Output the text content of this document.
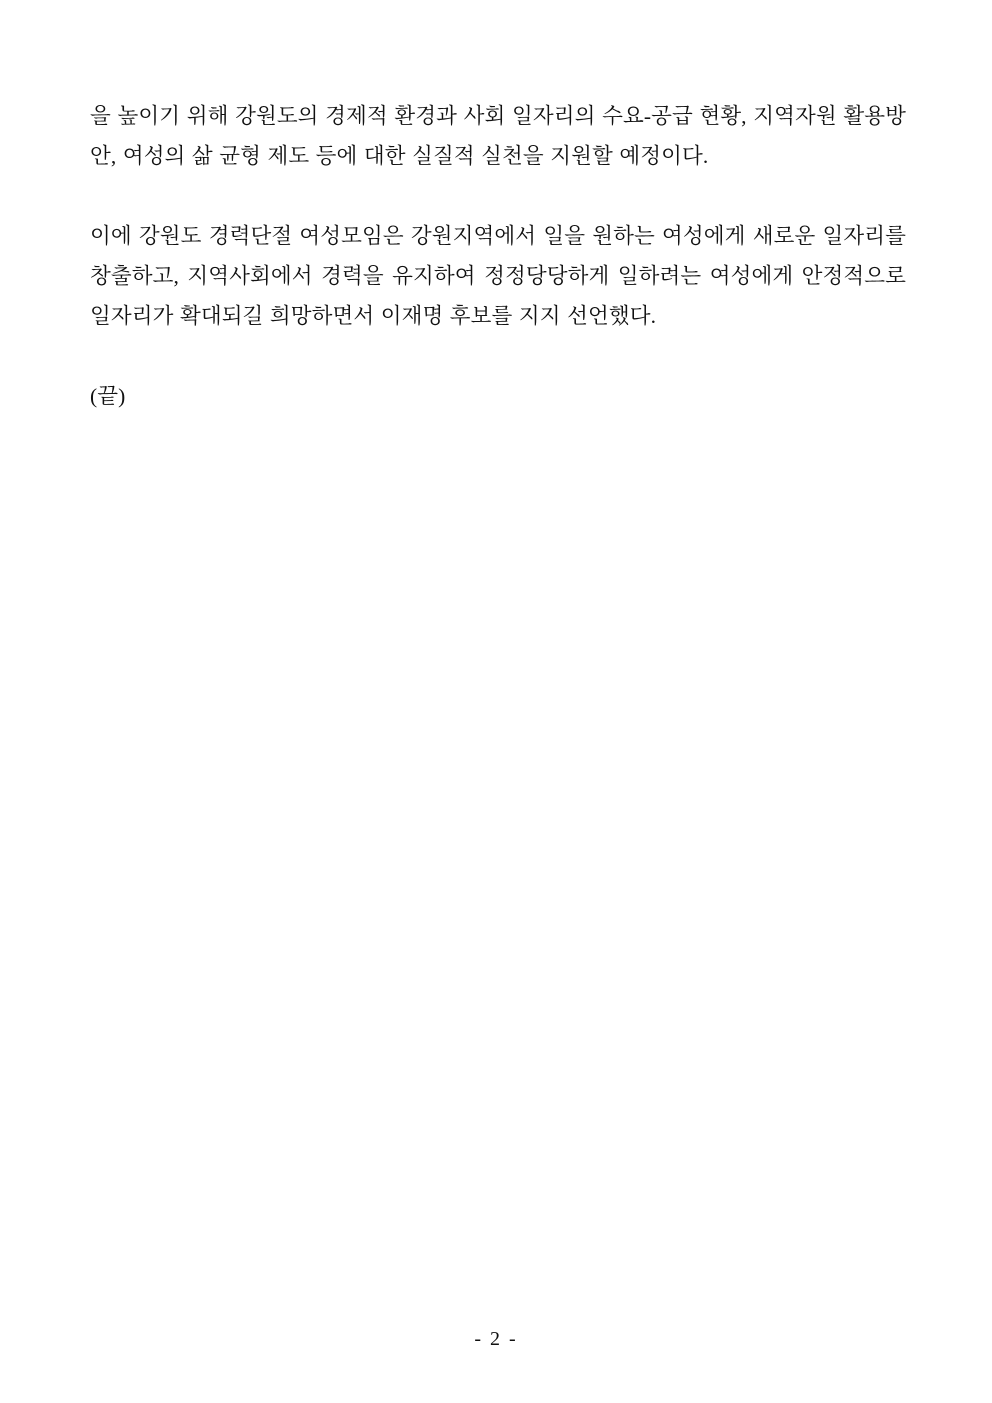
을 높이기 위해 강원도의 경제적 환경과 사회 일자리의 수요-공급 현황, 지역자원 활용방안, 여성의 삶 균형 제도 등에 대한 실질적 실천을 지원할 예정이다.

이에 강원도 경력단절 여성모임은 강원지역에서 일을 원하는 여성에게 새로운 일자리를 창출하고, 지역사회에서 경력을 유지하여 정정당당하게 일하려는 여성에게 안정적으로 일자리가 확대되길 희망하면서 이재명 후보를 지지 선언했다.

(끝)

- 2 -
